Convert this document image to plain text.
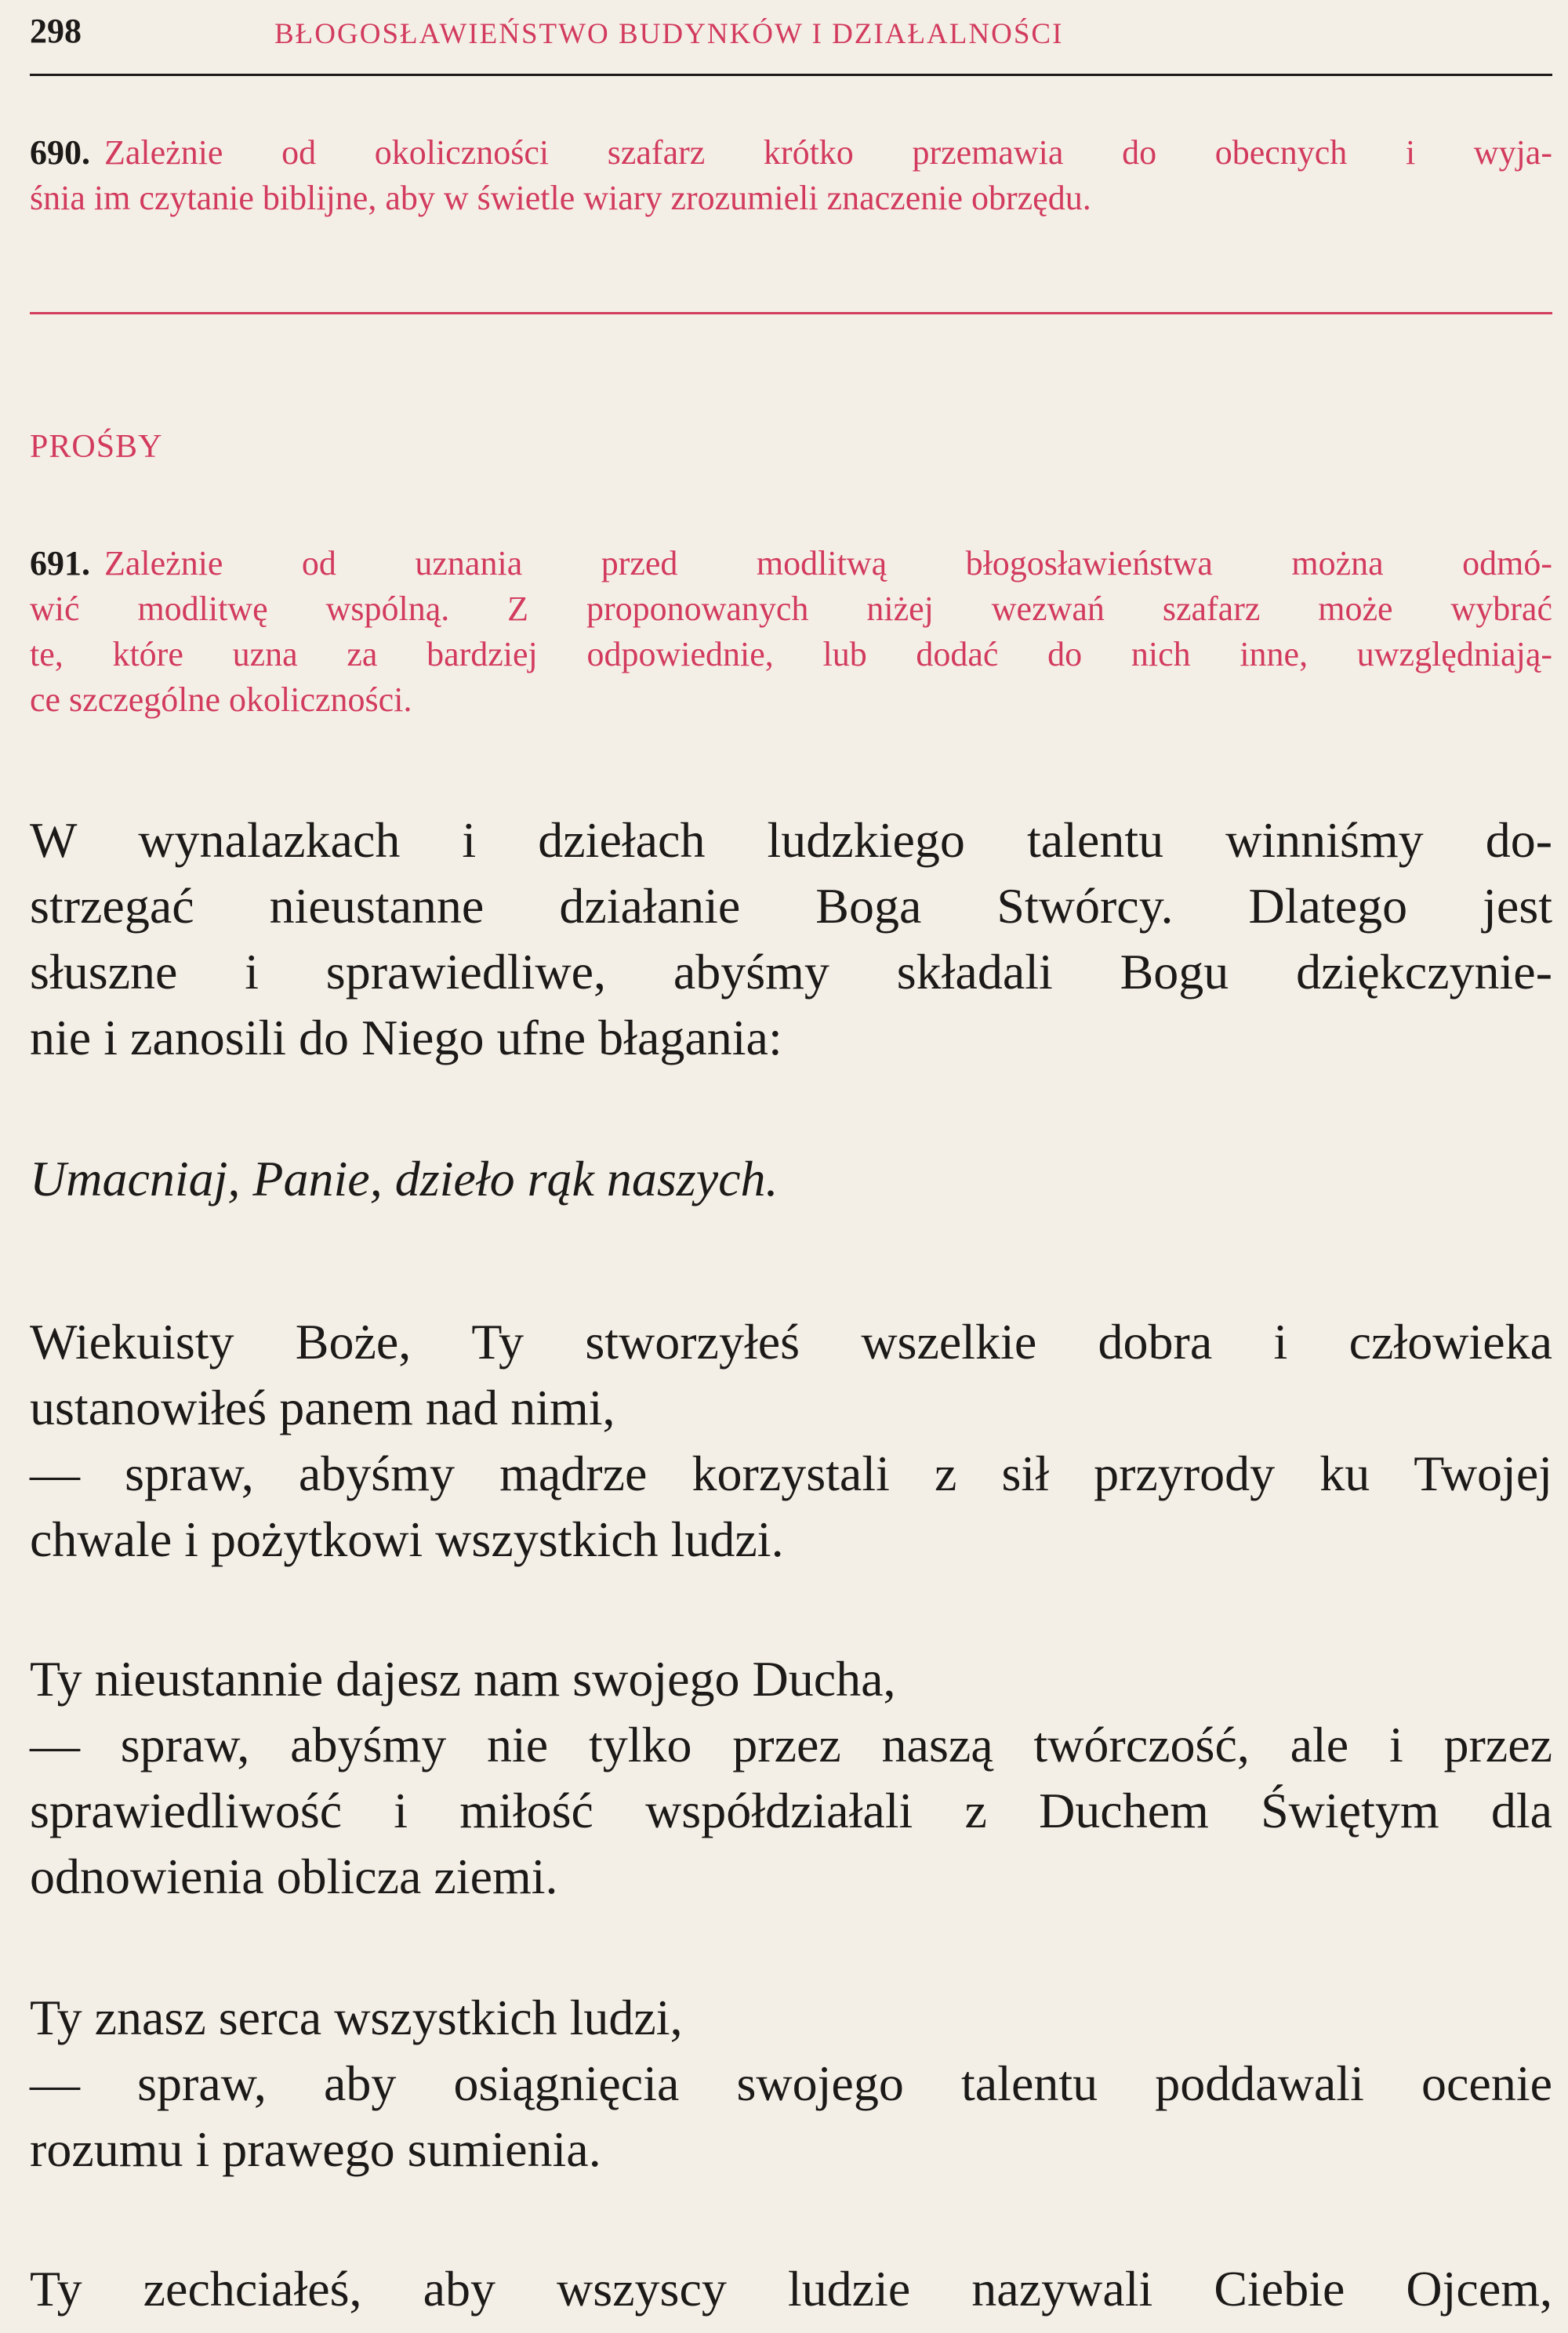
298	BŁOGOSŁAWIEŃSTWO BUDYNKÓW I DZIAŁALNOŚCI
690. Zależnie od okoliczności szafarz krótko przemawia do obecnych i wyja-
śnia im czytanie biblijne, aby w świetle wiary zrozumieli znaczenie obrzędu.
PROŚBY
691. Zależnie od uznania przed modlitwą błogosławieństwa można odmó-
wić modlitwę wspólną. Z proponowanych niżej wezwań szafarz może wybrać
te, które uzna za bardziej odpowiednie, lub dodać do nich inne, uwzględniają-
ce szczególne okoliczności.
W wynalazkach i dziełach ludzkiego talentu winniśmy do-
strzegać nieustanne działanie Boga Stwórcy. Dlatego jest
słuszne i sprawiedliwe, abyśmy składali Bogu dziękczynie-
nie i zanosili do Niego ufne błagania:
Umacniaj, Panie, dzieło rąk naszych.
Wiekuisty Boże, Ty stworzyłeś wszelkie dobra i człowieka
ustanowiłeś panem nad nimi,
— spraw, abyśmy mądrze korzystali z sił przyrody ku Twojej
chwale i pożytkowi wszystkich ludzi.
Ty nieustannie dajesz nam swojego Ducha,
— spraw, abyśmy nie tylko przez naszą twórczość, ale i przez
sprawiedliwość i miłość współdziałali z Duchem Świętym dla
odnowienia oblicza ziemi.
Ty znasz serca wszystkich ludzi,
— spraw, aby osiągnięcia swojego talentu poddawali ocenie
rozumu i prawego sumienia.
Ty zechciałeś, aby wszyscy ludzie nazywali Ciebie Ojcem,
